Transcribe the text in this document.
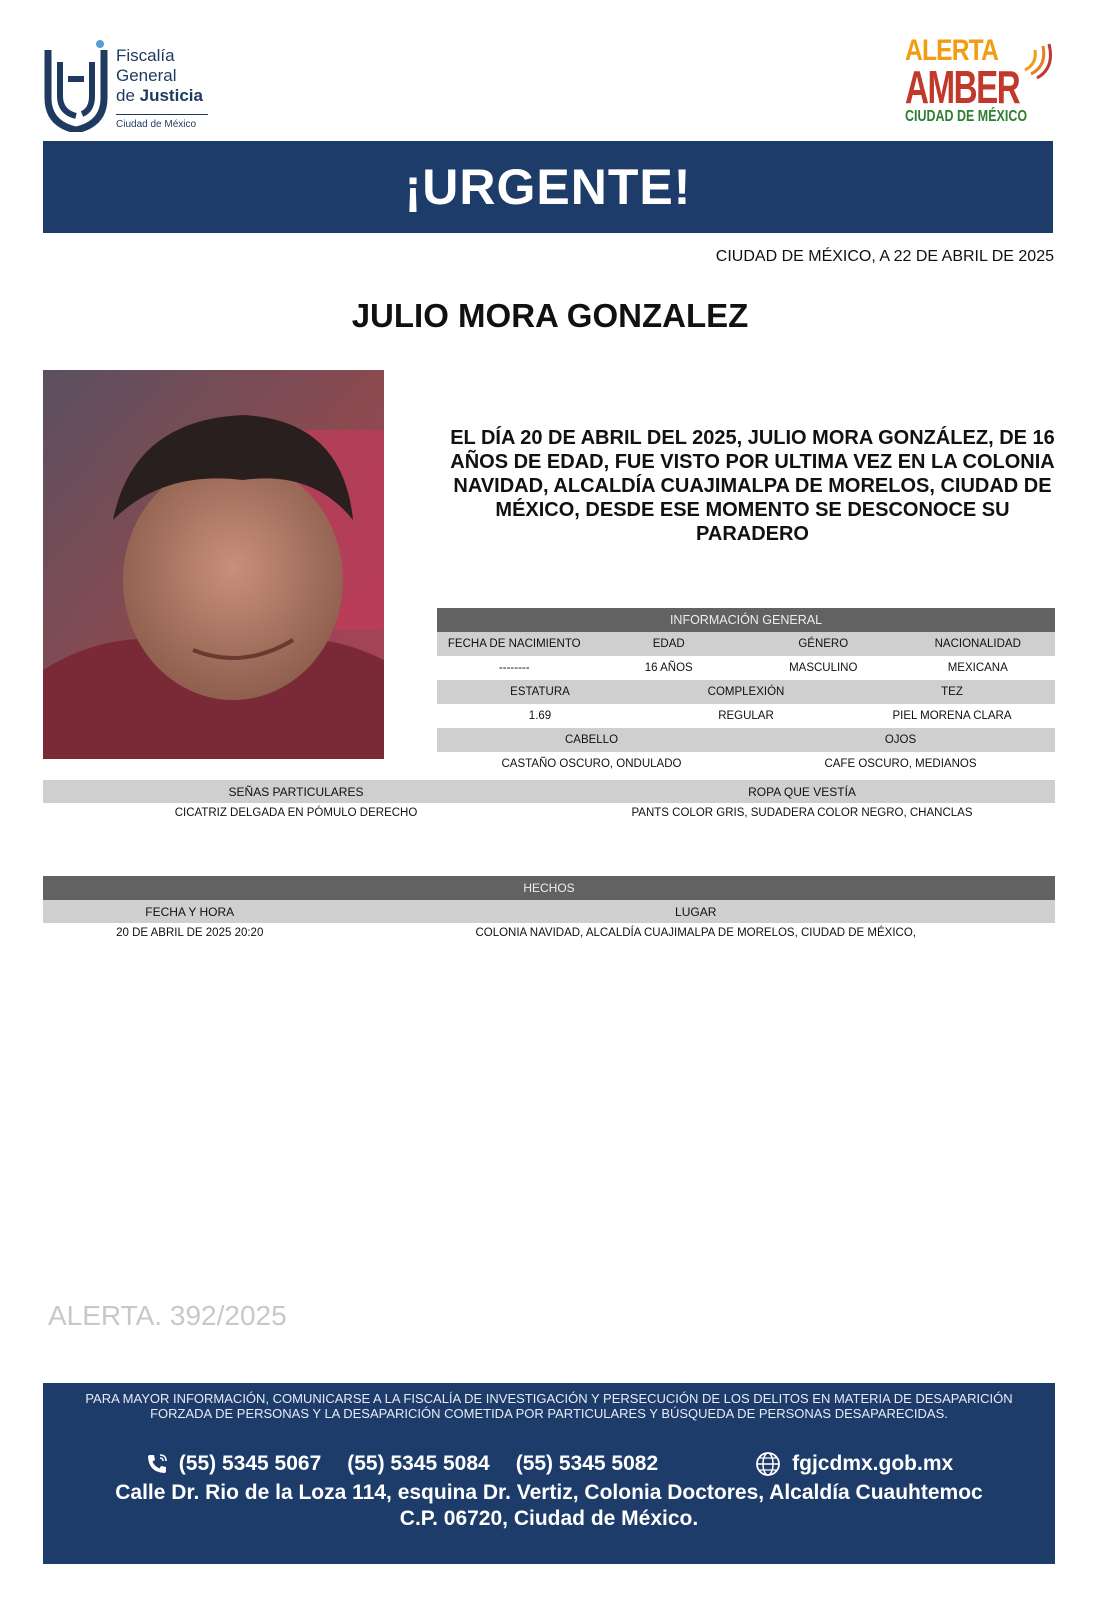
Fiscalía
General
de Justicia
Ciudad de México
ALERTA
AMBER
CIUDAD DE MÉXICO
¡URGENTE!
CIUDAD DE MÉXICO, A 22 DE ABRIL DE 2025
JULIO MORA GONZALEZ
EL DÍA 20 DE ABRIL DEL 2025, JULIO MORA GONZÁLEZ, DE 16 AÑOS DE EDAD, FUE VISTO POR ULTIMA VEZ EN LA COLONIA NAVIDAD, ALCALDÍA CUAJIMALPA DE MORELOS, CIUDAD DE MÉXICO, DESDE ESE MOMENTO SE DESCONOCE SU PARADERO
INFORMACIÓN GENERAL
FECHA DE NACIMIENTO	EDAD	GÉNERO	NACIONALIDAD
--------	16 AÑOS	MASCULINO	MEXICANA
ESTATURA	COMPLEXIÓN	TEZ
1.69	REGULAR	PIEL MORENA CLARA
CABELLO	OJOS
CASTAÑO OSCURO, ONDULADO	CAFE OSCURO, MEDIANOS
SEÑAS PARTICULARES	ROPA QUE VESTÍA
CICATRIZ DELGADA EN PÓMULO DERECHO	PANTS COLOR GRIS, SUDADERA COLOR NEGRO, CHANCLAS
HECHOS
FECHA Y HORA	LUGAR
20 DE ABRIL DE 2025 20:20	COLONIA NAVIDAD, ALCALDÍA CUAJIMALPA DE MORELOS, CIUDAD DE MÉXICO,
ALERTA. 392/2025
PARA MAYOR INFORMACIÓN, COMUNICARSE A LA FISCALÍA DE INVESTIGACIÓN Y PERSECUCIÓN DE LOS DELITOS EN MATERIA DE DESAPARICIÓN FORZADA DE PERSONAS Y LA DESAPARICIÓN COMETIDA POR PARTICULARES Y BÚSQUEDA DE PERSONAS DESAPARECIDAS.
(55) 5345 5067 (55) 5345 5084 (55) 5345 5082	fgjcdmx.gob.mx
Calle Dr. Rio de la Loza 114, esquina Dr. Vertiz, Colonia Doctores, Alcaldía Cuauhtemoc
C.P. 06720, Ciudad de México.
